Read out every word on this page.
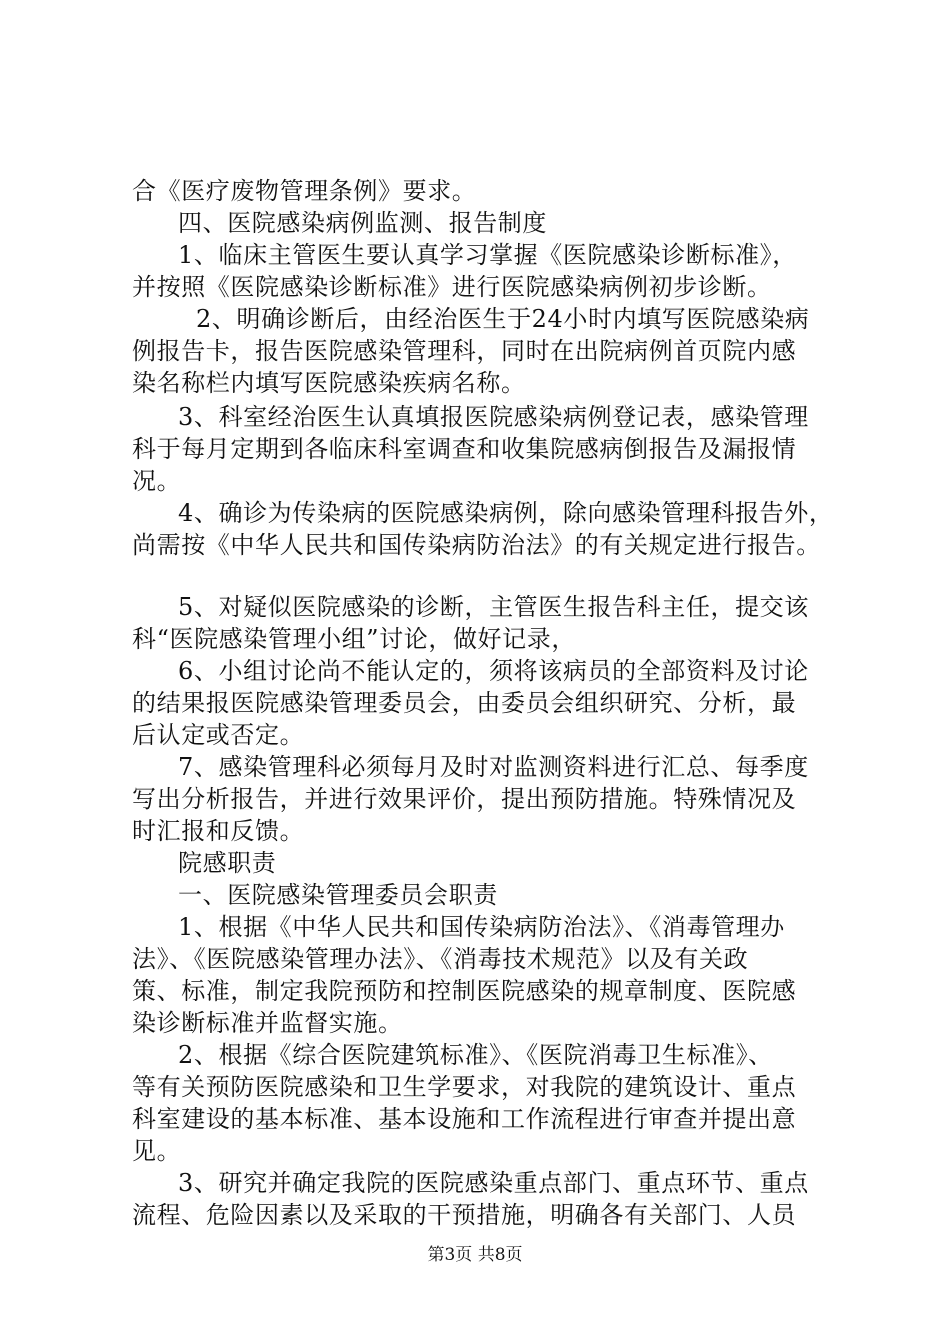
合《医疗废物管理条例》要求。
四、医院感染病例监测、报告制度
1、临床主管医生要认真学习掌握《医院感染诊断标准》，
并按照《医院感染诊断标准》进行医院感染病例初步诊断。
2、明确诊断后，由经治医生于24小时内填写医院感染病
例报告卡，报告医院感染管理科，同时在出院病例首页院内感
染名称栏内填写医院感染疾病名称。
3、科室经治医生认真填报医院感染病例登记表，感染管理
科于每月定期到各临床科室调查和收集院感病倒报告及漏报情
况。
4、确诊为传染病的医院感染病例，除向感染管理科报告外，
尚需按《中华人民共和国传染病防治法》的有关规定进行报告。
5、对疑似医院感染的诊断，主管医生报告科主任，提交该
科“医院感染管理小组”讨论，做好记录，
6、小组讨论尚不能认定的，须将该病员的全部资料及讨论
的结果报医院感染管理委员会，由委员会组织研究、分析，最
后认定或否定。
7、感染管理科必须每月及时对监测资料进行汇总、每季度
写出分析报告，并进行效果评价，提出预防措施。特殊情况及
时汇报和反馈。
院感职责
一、医院感染管理委员会职责
1、根据《中华人民共和国传染病防治法》、《消毒管理办
法》、《医院感染管理办法》、《消毒技术规范》以及有关政
策、标准，制定我院预防和控制医院感染的规章制度、医院感
染诊断标准并监督实施。
2、根据《综合医院建筑标准》、《医院消毒卫生标准》、
等有关预防医院感染和卫生学要求，对我院的建筑设计、重点
科室建设的基本标准、基本设施和工作流程进行审查并提出意
见。
3、研究并确定我院的医院感染重点部门、重点环节、重点
流程、危险因素以及采取的干预措施，明确各有关部门、人员
第3页 共8页
